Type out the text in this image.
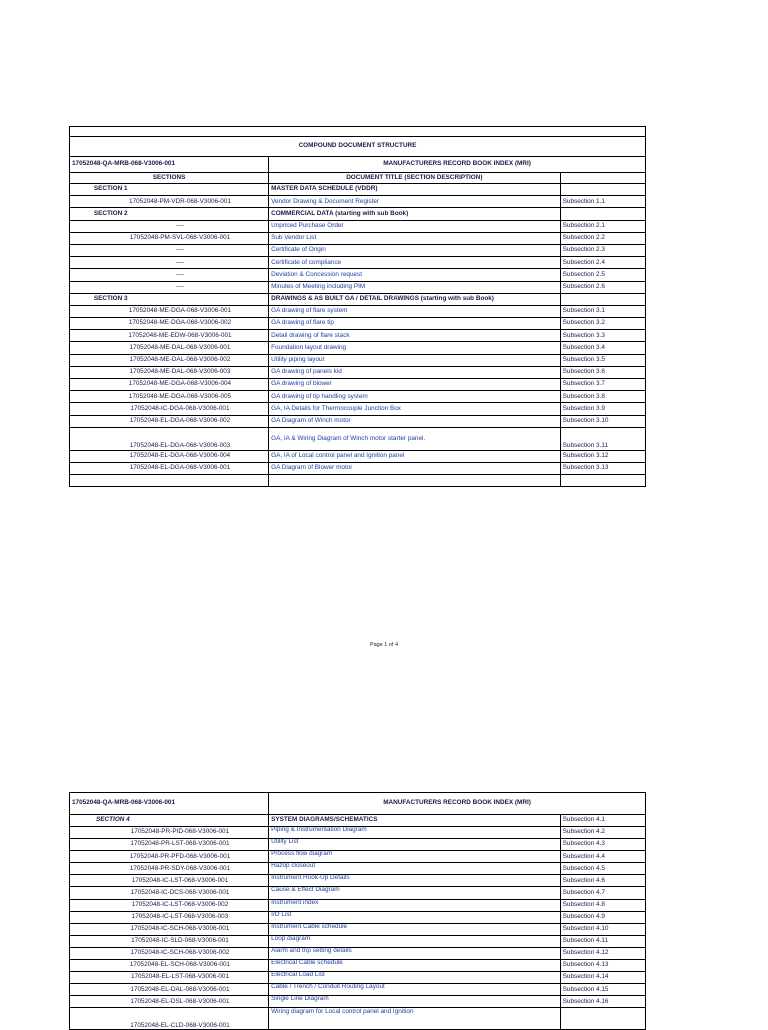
COMPOUND DOCUMENT STRUCTURE			
17052048-QA-MRB-068-V3006-001		MANUFACTURERS RECORD BOOK INDEX (MRI)	
SECTIONS		DOCUMENT TITLE (SECTION DESCRIPTION)	
	SECTION 1	MASTER DATA SCHEDULE (VDDR)	
	17052048-PM-VDR-068-V3006-001	Vendor Drawing & Document Register	Subsection 1.1
	SECTION 2	COMMERCIAL DATA (starting with sub Book)	
	----	Unpriced Purchase Order	Subsection 2.1
	17052048-PM-SVL-068-V3006-001	Sub Vendor List	Subsection 2.2
	----	Certificate of Origin	Subsection 2.3
	----	Certificate of compliance	Subsection 2.4
	----	Deviation & Concession request	Subsection 2.5
	----	Minutes of Meeting including PIM	Subsection 2.6
	SECTION 3	DRAWINGS & AS BUILT GA / DETAIL DRAWINGS (starting with sub Book)	
	17052048-ME-DGA-068-V3006-001	GA drawing of flare system	Subsection 3.1
	17052048-ME-DGA-068-V3006-002	GA drawing of flare tip	Subsection 3.2
	17052048-ME-EDW-068-V3006-001	Detail drawing of flare stack	Subsection 3.3
	17052048-ME-DAL-068-V3006-001	Foundation layout drawing	Subsection 3.4
	17052048-ME-DAL-068-V3006-002	Utility piping layout	Subsection 3.5
	17052048-ME-DAL-068-V3006-003	GA drawing of panels kid	Subsection 3.6
	17052048-ME-DGA-068-V3006-004	GA drawing of blower	Subsection 3.7
	17052048-ME-DGA-068-V3006-005	GA drawing of tip handling system	Subsection 3.8
	17052048-IC-DGA-068-V3006-001	GA, IA Details for Thermocouple Junction Box	Subsection 3.9
	17052048-EL-DGA-068-V3006-002	GA Diagram of Winch motor	Subsection 3.10
	17052048-EL-DGA-068-V3006-003	GA, IA & Wiring Diagram of Winch motor starter panel.	Subsection 3.11
	17052048-EL-DGA-068-V3006-004	GA, IA of Local control panel and Ignition panel	Subsection 3.12
	17052048-EL-DGA-068-V3006-001	GA Diagram of Blower motor	Subsection 3.13

Page 1 of 4
17052048-QA-MRB-068-V3006-001		MANUFACTURERS RECORD BOOK INDEX (MRI)	
SECTION 4		SYSTEM DIAGRAMS/SCHEMATICS	Subsection 4.1
	17052048-PR-PID-068-V3006-001	Piping & Instrumentation Diagram	Subsection 4.2
	17052048-PR-LST-068-V3006-001	Utility List	Subsection 4.3
	17052048-PR-PFD-068-V3006-001	Process flow diagram	Subsection 4.4
	17052048-PR-SDY-068-V3006-001	Hazop closeout	Subsection 4.5
	17052048-IC-LST-068-V3006-001	Instrument Hook-Up Details	Subsection 4.6
	17052048-IC-DCS-068-V3006-001	Cause & Effect Diagram	Subsection 4.7
	17052048-IC-LST-068-V3006-002	Instrument index	Subsection 4.8
	17052048-IC-LST-068-V3006-003	I/O List	Subsection 4.9
	17052048-IC-SCH-068-V3006-001	Instrument Cable schedule	Subsection 4.10
	17052048-IC-SLD-068-V3006-001	Loop diagram	Subsection 4.11
	17052048-IC-SCH-068-V3006-002	Alarm and trip setting details	Subsection 4.12
	17052048-EL-SCH-068-V3006-001	Electrical Cable schedule	Subsection 4.13
	17052048-EL-LST-068-V3006-001	Electrical Load List	Subsection 4.14
	17052048-EL-DAL-068-V3006-001	Cable / Trench / Conduit Routing Layout	Subsection 4.15
	17052048-EL-DSL-068-V3006-001	Single Line Diagram	Subsection 4.16
	17052048-EL-CLD-068-V3006-001	Wiring diagram for Local control panel and Ignition	
